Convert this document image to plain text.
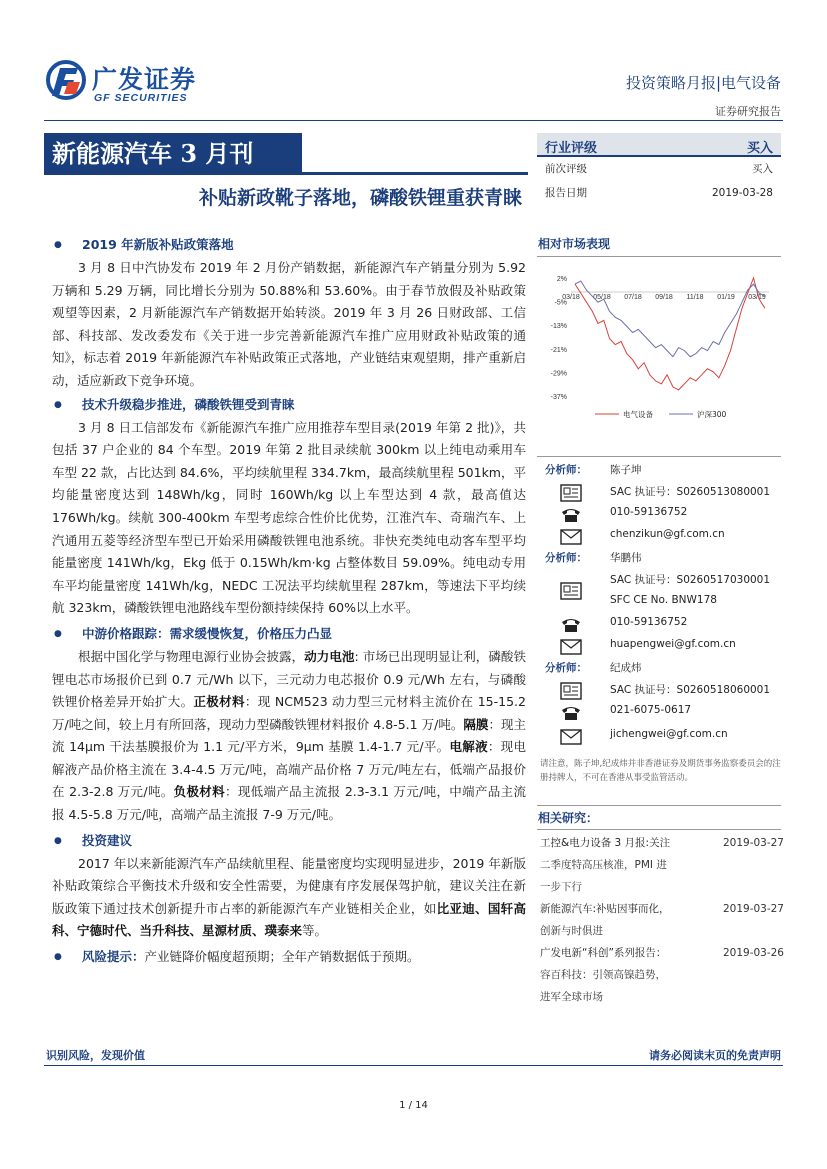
广发证券
GF SECURITIES
投资策略月报|电气设备
证券研究报告
新能源汽车 3 月刊
补贴新政靴子落地，磷酸铁锂重获青睐
行业评级	买入
前次评级	买入
报告日期	2019-03-28
相对市场表现
2%
-5%
-13%
-21%
-29%
-37%
03/18 05/18 07/18 09/18 11/18 01/19 03/19
电气设备	沪深300
分析师： 陈子坤
SAC 执证号：S0260513080001
010-59136752
chenzikun@gf.com.cn
分析师： 华鹏伟
SAC 执证号：S0260517030001
SFC CE No. BNW178
010-59136752
huapengwei@gf.com.cn
分析师： 纪成炜
SAC 执证号：S0260518060001
021-6075-0617
jichengwei@gf.com.cn
请注意，陈子坤,纪成炜并非香港证券及期货事务监察委员会的注册持牌人，不可在香港从事受监管活动。
相关研究：
工控&电力设备 3 月报:关注	2019-03-27
二季度特高压核准，PMI 进
一步下行
新能源汽车:补贴因事而化，	2019-03-27
创新与时俱进
广发电新“科创”系列报告：	2019-03-26
容百科技：引领高镍趋势，
进军全球市场
● 2019 年新版补贴政策落地

3 月 8 日中汽协发布 2019 年 2 月份产销数据，新能源汽车产销量分别为 5.92 万辆和 5.29 万辆，同比增长分别为 50.88%和 53.60%。由于春节放假及补贴政策观望等因素，2 月新能源汽车产销数据开始转淡。2019 年 3 月 26 日财政部、工信部、科技部、发改委发布《关于进一步完善新能源汽车推广应用财政补贴政策的通知》，标志着 2019 年新能源汽车补贴政策正式落地，产业链结束观望期，排产重新启动，适应新政下竞争环境。

● 技术升级稳步推进，磷酸铁锂受到青睐

3 月 8 日工信部发布《新能源汽车推广应用推荐车型目录(2019 年第 2 批)》，共包括 37 户企业的 84 个车型。2019 年第 2 批目录续航 300km 以上纯电动乘用车车型 22 款，占比达到 84.6%，平均续航里程 334.7km，最高续航里程 501km，平均能量密度达到 148Wh/kg，同时 160Wh/kg 以上车型达到 4 款，最高值达 176Wh/kg。续航 300-400km 车型考虑综合性价比优势，江淮汽车、奇瑞汽车、上汽通用五菱等经济型车型已开始采用磷酸铁锂电池系统。非快充类纯电动客车型平均能量密度 141Wh/kg，Ekg 低于 0.15Wh/km·kg 占整体数目 59.09%。纯电动专用车平均能量密度 141Wh/kg，NEDC 工况法平均续航里程 287km，等速法下平均续航 323km，磷酸铁锂电池路线车型份额持续保持 60%以上水平。

● 中游价格跟踪：需求缓慢恢复，价格压力凸显

根据中国化学与物理电源行业协会披露，动力电池: 市场已出现明显让利，磷酸铁锂电芯市场报价已到 0.7 元/Wh 以下，三元动力电芯报价 0.9 元/Wh 左右，与磷酸铁锂价格差异开始扩大。正极材料：现 NCM523 动力型三元材料主流价在 15-15.2 万/吨之间，较上月有所回落，现动力型磷酸铁锂材料报价 4.8-5.1 万/吨。隔膜：现主流 14μm 干法基膜报价为 1.1 元/平方米，9μm 基膜 1.4-1.7 元/平。电解液：现电解液产品价格主流在 3.4-4.5 万元/吨，高端产品价格 7 万元/吨左右，低端产品报价在 2.3-2.8 万元/吨。负极材料：现低端产品主流报 2.3-3.1 万元/吨，中端产品主流报 4.5-5.8 万元/吨，高端产品主流报 7-9 万元/吨。

● 投资建议

2017 年以来新能源汽车产品续航里程、能量密度均实现明显进步，2019 年新版补贴政策综合平衡技术升级和安全性需要，为健康有序发展保驾护航，建议关注在新版政策下通过技术创新提升市占率的新能源汽车产业链相关企业，如比亚迪、国轩高科、宁德时代、当升科技、星源材质、璞泰来等。

● 风险提示：产业链降价幅度超预期；全年产销数据低于预期。
识别风险，发现价值	请务必阅读末页的免责声明
1 / 14
